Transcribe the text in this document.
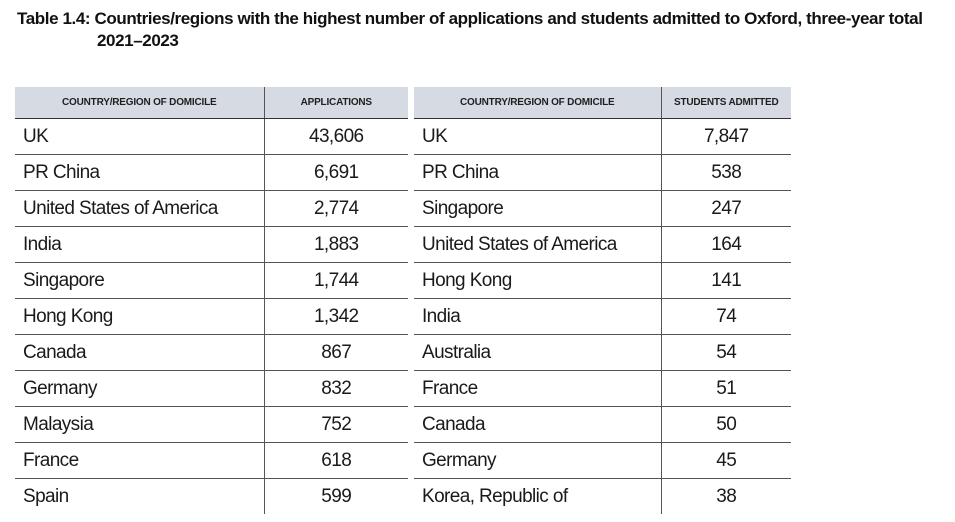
Table 1.4: Countries/regions with the highest number of applications and students admitted to Oxford, three-year total
2021–2023
COUNTRY/REGION OF DOMICILE	APPLICATIONS
UK	43,606
PR China	6,691
United States of America	2,774
India	1,883
Singapore	1,744
Hong Kong	1,342
Canada	867
Germany	832
Malaysia	752
France	618
Spain	599
COUNTRY/REGION OF DOMICILE	STUDENTS ADMITTED
UK	7,847
PR China	538
Singapore	247
United States of America	164
Hong Kong	141
India	74
Australia	54
France	51
Canada	50
Germany	45
Korea, Republic of	38
